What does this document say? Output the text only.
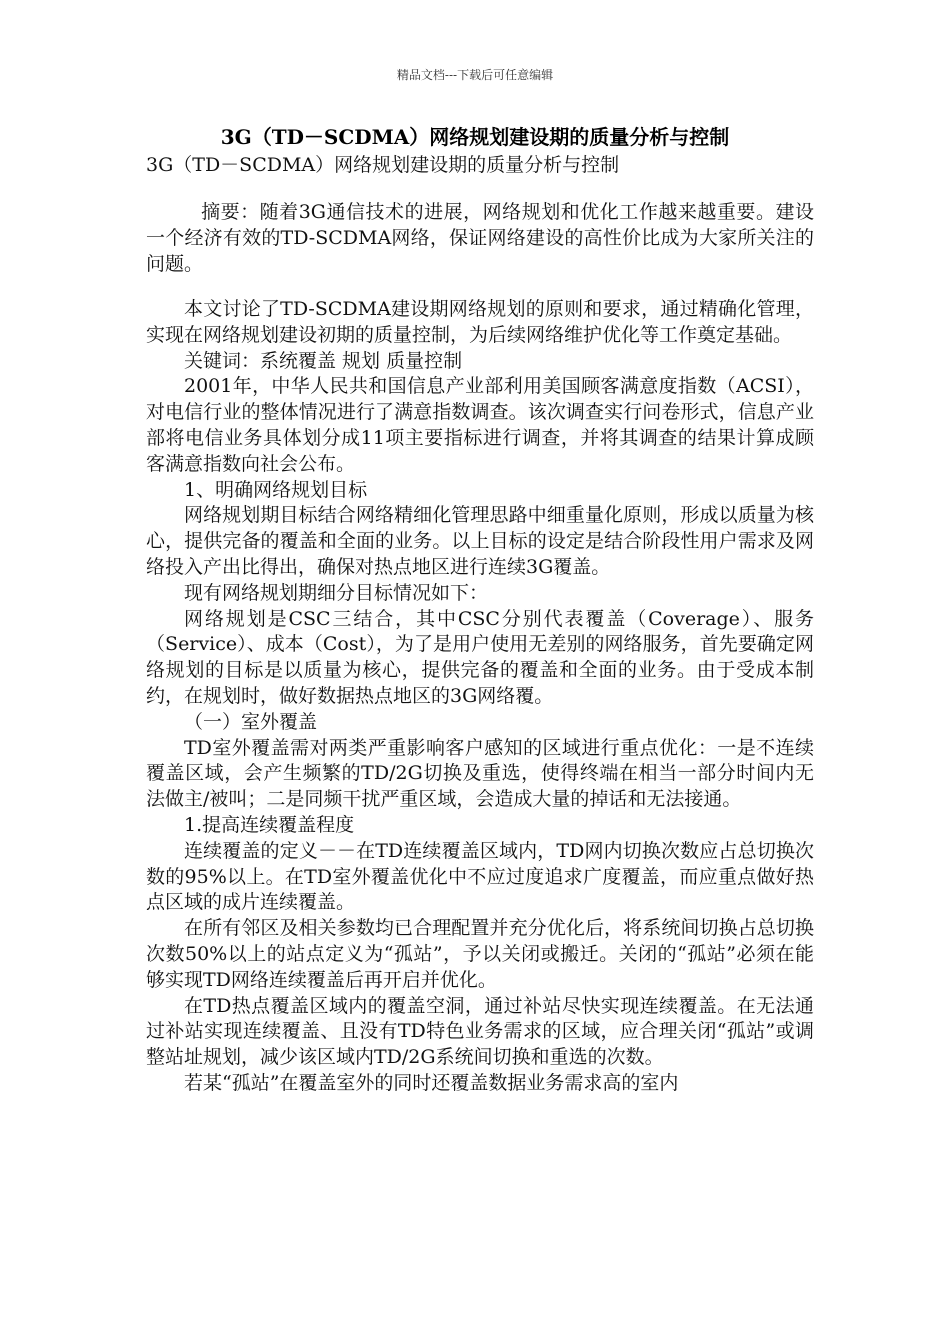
精品文档---下载后可任意编辑
3G（TD－SCDMA）网络规划建设期的质量分析与控制
3G（TD－SCDMA）网络规划建设期的质量分析与控制

摘要：随着3G通信技术的进展，网络规划和优化工作越来越重要。建设一个经济有效的TD-SCDMA网络，保证网络建设的高性价比成为大家所关注的问题。

本文讨论了TD-SCDMA建设期网络规划的原则和要求，通过精确化管理，实现在网络规划建设初期的质量控制，为后续网络维护优化等工作奠定基础。

关键词：系统覆盖 规划 质量控制

2001年，中华人民共和国信息产业部利用美国顾客满意度指数（ACSI），对电信行业的整体情况进行了满意指数调查。该次调查实行问卷形式，信息产业部将电信业务具体划分成11项主要指标进行调查，并将其调查的结果计算成顾客满意指数向社会公布。

1、明确网络规划目标

网络规划期目标结合网络精细化管理思路中细重量化原则，形成以质量为核心，提供完备的覆盖和全面的业务。以上目标的设定是结合阶段性用户需求及网络投入产出比得出，确保对热点地区进行连续3G覆盖。

现有网络规划期细分目标情况如下：

网络规划是CSC三结合，其中CSC分别代表覆盖（Coverage）、服务（Service）、成本（Cost），为了是用户使用无差别的网络服务，首先要确定网络规划的目标是以质量为核心，提供完备的覆盖和全面的业务。由于受成本制约，在规划时，做好数据热点地区的3G网络覆。

（一）室外覆盖

TD室外覆盖需对两类严重影响客户感知的区域进行重点优化：一是不连续覆盖区域，会产生频繁的TD/2G切换及重选，使得终端在相当一部分时间内无法做主/被叫；二是同频干扰严重区域，会造成大量的掉话和无法接通。

1.提高连续覆盖程度

连续覆盖的定义－－在TD连续覆盖区域内，TD网内切换次数应占总切换次数的95%以上。在TD室外覆盖优化中不应过度追求广度覆盖，而应重点做好热点区域的成片连续覆盖。

在所有邻区及相关参数均已合理配置并充分优化后，将系统间切换占总切换次数50%以上的站点定义为“孤站”，予以关闭或搬迁。关闭的“孤站”必须在能够实现TD网络连续覆盖后再开启并优化。

在TD热点覆盖区域内的覆盖空洞，通过补站尽快实现连续覆盖。在无法通过补站实现连续覆盖、且没有TD特色业务需求的区域，应合理关闭“孤站”或调整站址规划，减少该区域内TD/2G系统间切换和重选的次数。

若某“孤站”在覆盖室外的同时还覆盖数据业务需求高的室内
